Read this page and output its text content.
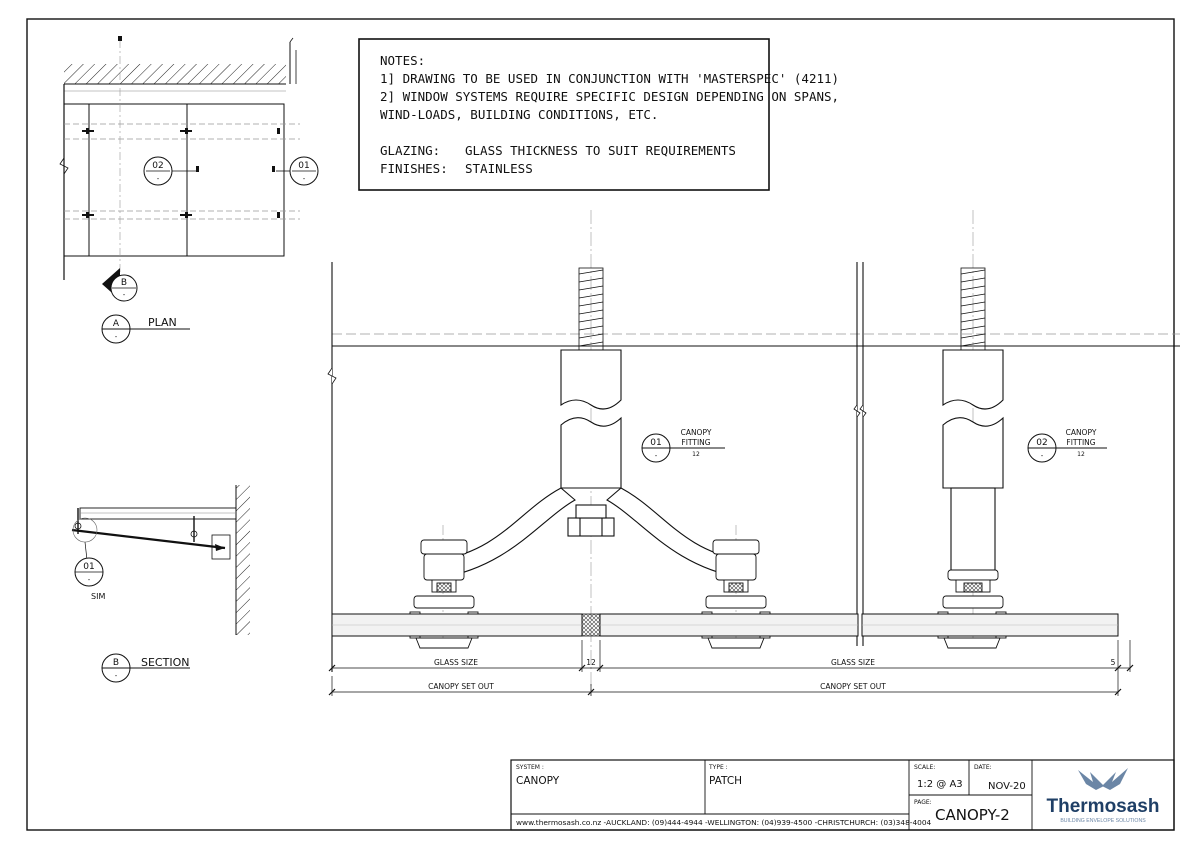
NOTES:
1] DRAWING TO BE USED IN CONJUNCTION WITH 'MASTERSPEC' (4211)
2] WINDOW SYSTEMS REQUIRE SPECIFIC DESIGN DEPENDING ON SPANS,
WIND-LOADS, BUILDING CONDITIONS, ETC.
GLAZING: GLASS THICKNESS TO SUIT REQUIREMENTS
FINISHES: STAINLESS
02
-
01
-
B
-
A
-
PLAN
01
-
SIM
B
-
SECTION	GLASS SIZE	12	GLASS SIZE	5
CANOPY SET OUT	CANOPY SET OUT
01
-
CANOPY
FITTING
12
02
-
CANOPY
FITTING
12
SYSTEM :
CANOPY
TYPE :
PATCH
SCALE:
1:2 @ A3
DATE:
NOV-20
PAGE:
CANOPY-2
www.thermosash.co.nz -AUCKLAND: (09)444-4944 -WELLINGTON: (04)939-4500 -CHRISTCHURCH: (03)348-4004
Thermosash
BUILDING ENVELOPE SOLUTIONS
